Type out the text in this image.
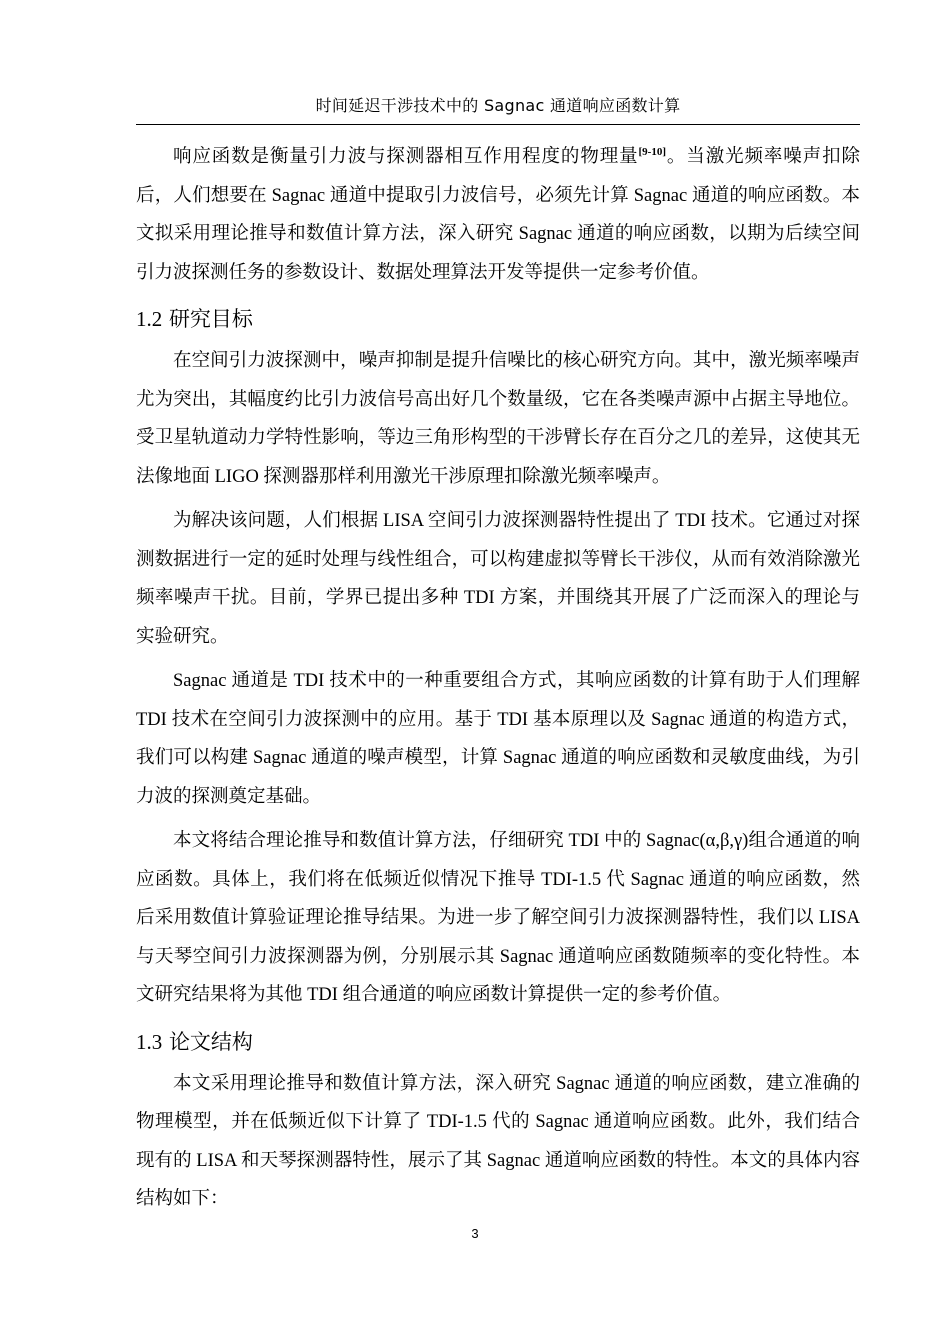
时间延迟干涉技术中的 Sagnac 通道响应函数计算

响应函数是衡量引力波与探测器相互作用程度的物理量[9-10]。当激光频率噪声扣除后，人们想要在 Sagnac 通道中提取引力波信号，必须先计算 Sagnac 通道的响应函数。本文拟采用理论推导和数值计算方法，深入研究 Sagnac 通道的响应函数，以期为后续空间引力波探测任务的参数设计、数据处理算法开发等提供一定参考价值。

1.2 研究目标

在空间引力波探测中，噪声抑制是提升信噪比的核心研究方向。其中，激光频率噪声尤为突出，其幅度约比引力波信号高出好几个数量级，它在各类噪声源中占据主导地位。受卫星轨道动力学特性影响，等边三角形构型的干涉臂长存在百分之几的差异，这使其无法像地面 LIGO 探测器那样利用激光干涉原理扣除激光频率噪声。

为解决该问题，人们根据 LISA 空间引力波探测器特性提出了 TDI 技术。它通过对探测数据进行一定的延时处理与线性组合，可以构建虚拟等臂长干涉仪，从而有效消除激光频率噪声干扰。目前，学界已提出多种 TDI 方案，并围绕其开展了广泛而深入的理论与实验研究。

Sagnac 通道是 TDI 技术中的一种重要组合方式，其响应函数的计算有助于人们理解 TDI 技术在空间引力波探测中的应用。基于 TDI 基本原理以及 Sagnac 通道的构造方式，我们可以构建 Sagnac 通道的噪声模型，计算 Sagnac 通道的响应函数和灵敏度曲线，为引力波的探测奠定基础。

本文将结合理论推导和数值计算方法，仔细研究 TDI 中的 Sagnac(α,β,γ)组合通道的响应函数。具体上，我们将在低频近似情况下推导 TDI-1.5 代 Sagnac 通道的响应函数，然后采用数值计算验证理论推导结果。为进一步了解空间引力波探测器特性，我们以 LISA 与天琴空间引力波探测器为例，分别展示其 Sagnac 通道响应函数随频率的变化特性。本文研究结果将为其他 TDI 组合通道的响应函数计算提供一定的参考价值。

1.3 论文结构

本文采用理论推导和数值计算方法，深入研究 Sagnac 通道的响应函数，建立准确的物理模型，并在低频近似下计算了 TDI-1.5 代的 Sagnac 通道响应函数。此外，我们结合现有的 LISA 和天琴探测器特性，展示了其 Sagnac 通道响应函数的特性。本文的具体内容结构如下：

3
